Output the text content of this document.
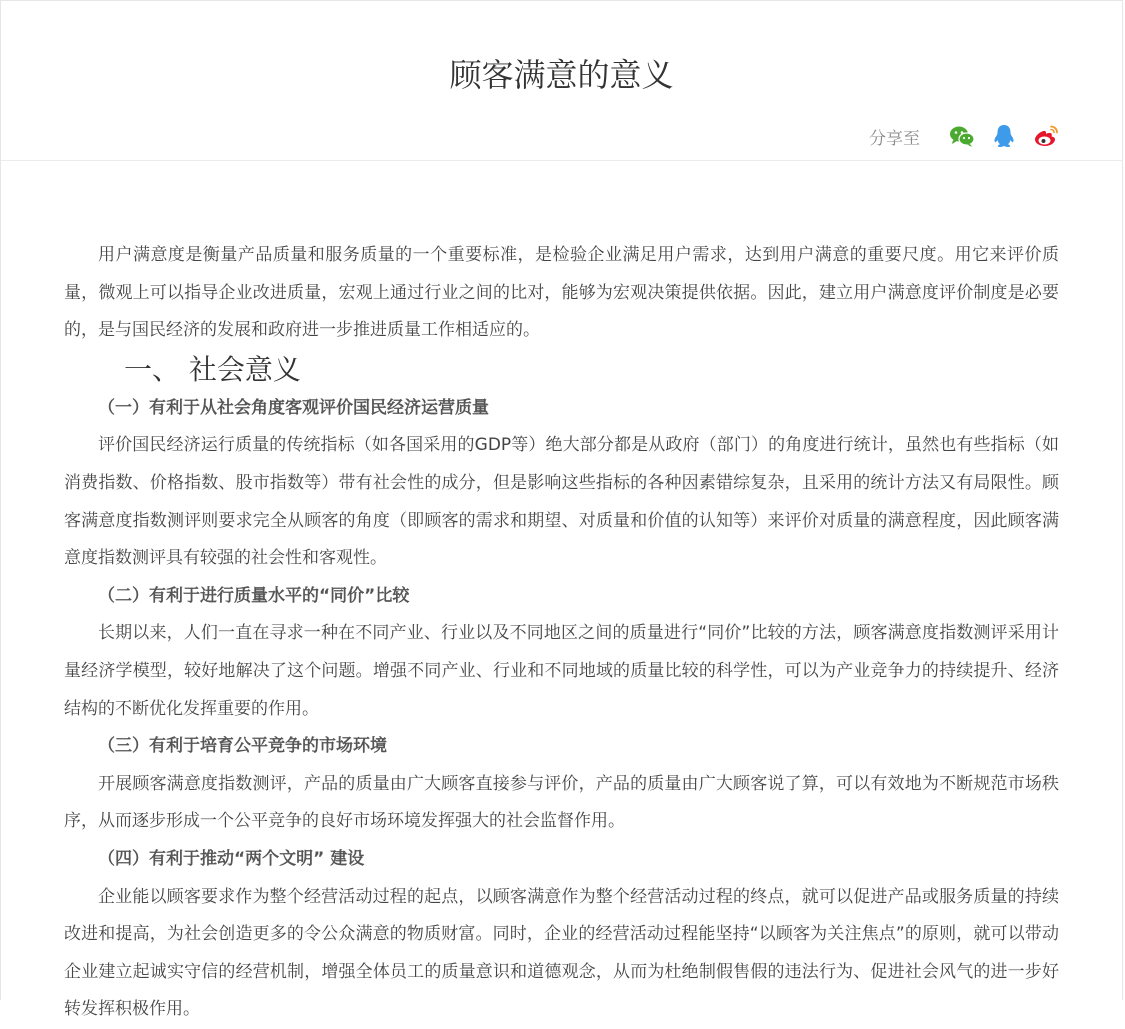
顾客满意的意义
分享至

用户满意度是衡量产品质量和服务质量的一个重要标准，是检验企业满足用户需求，达到用户满意的重要尺度。用它来评价质量，微观上可以指导企业改进质量，宏观上通过行业之间的比对，能够为宏观决策提供依据。因此，建立用户满意度评价制度是必要的，是与国民经济的发展和政府进一步推进质量工作相适应的。

一、 社会意义

（一）有利于从社会角度客观评价国民经济运营质量

评价国民经济运行质量的传统指标（如各国采用的GDP等）绝大部分都是从政府（部门）的角度进行统计，虽然也有些指标（如消费指数、价格指数、股市指数等）带有社会性的成分，但是影响这些指标的各种因素错综复杂，且采用的统计方法又有局限性。顾客满意度指数测评则要求完全从顾客的角度（即顾客的需求和期望、对质量和价值的认知等）来评价对质量的满意程度，因此顾客满意度指数测评具有较强的社会性和客观性。

（二）有利于进行质量水平的“同价”比较

长期以来，人们一直在寻求一种在不同产业、行业以及不同地区之间的质量进行“同价”比较的方法，顾客满意度指数测评采用计量经济学模型，较好地解决了这个问题。增强不同产业、行业和不同地域的质量比较的科学性，可以为产业竞争力的持续提升、经济结构的不断优化发挥重要的作用。

（三）有利于培育公平竞争的市场环境

开展顾客满意度指数测评，产品的质量由广大顾客直接参与评价，产品的质量由广大顾客说了算，可以有效地为不断规范市场秩序，从而逐步形成一个公平竞争的良好市场环境发挥强大的社会监督作用。

（四）有利于推动“两个文明” 建设

企业能以顾客要求作为整个经营活动过程的起点，以顾客满意作为整个经营活动过程的终点，就可以促进产品或服务质量的持续改进和提高，为社会创造更多的令公众满意的物质财富。同时，企业的经营活动过程能坚持“以顾客为关注焦点”的原则，就可以带动企业建立起诚实守信的经营机制，增强全体员工的质量意识和道德观念，从而为杜绝制假售假的违法行为、促进社会风气的进一步好转发挥积极作用。
